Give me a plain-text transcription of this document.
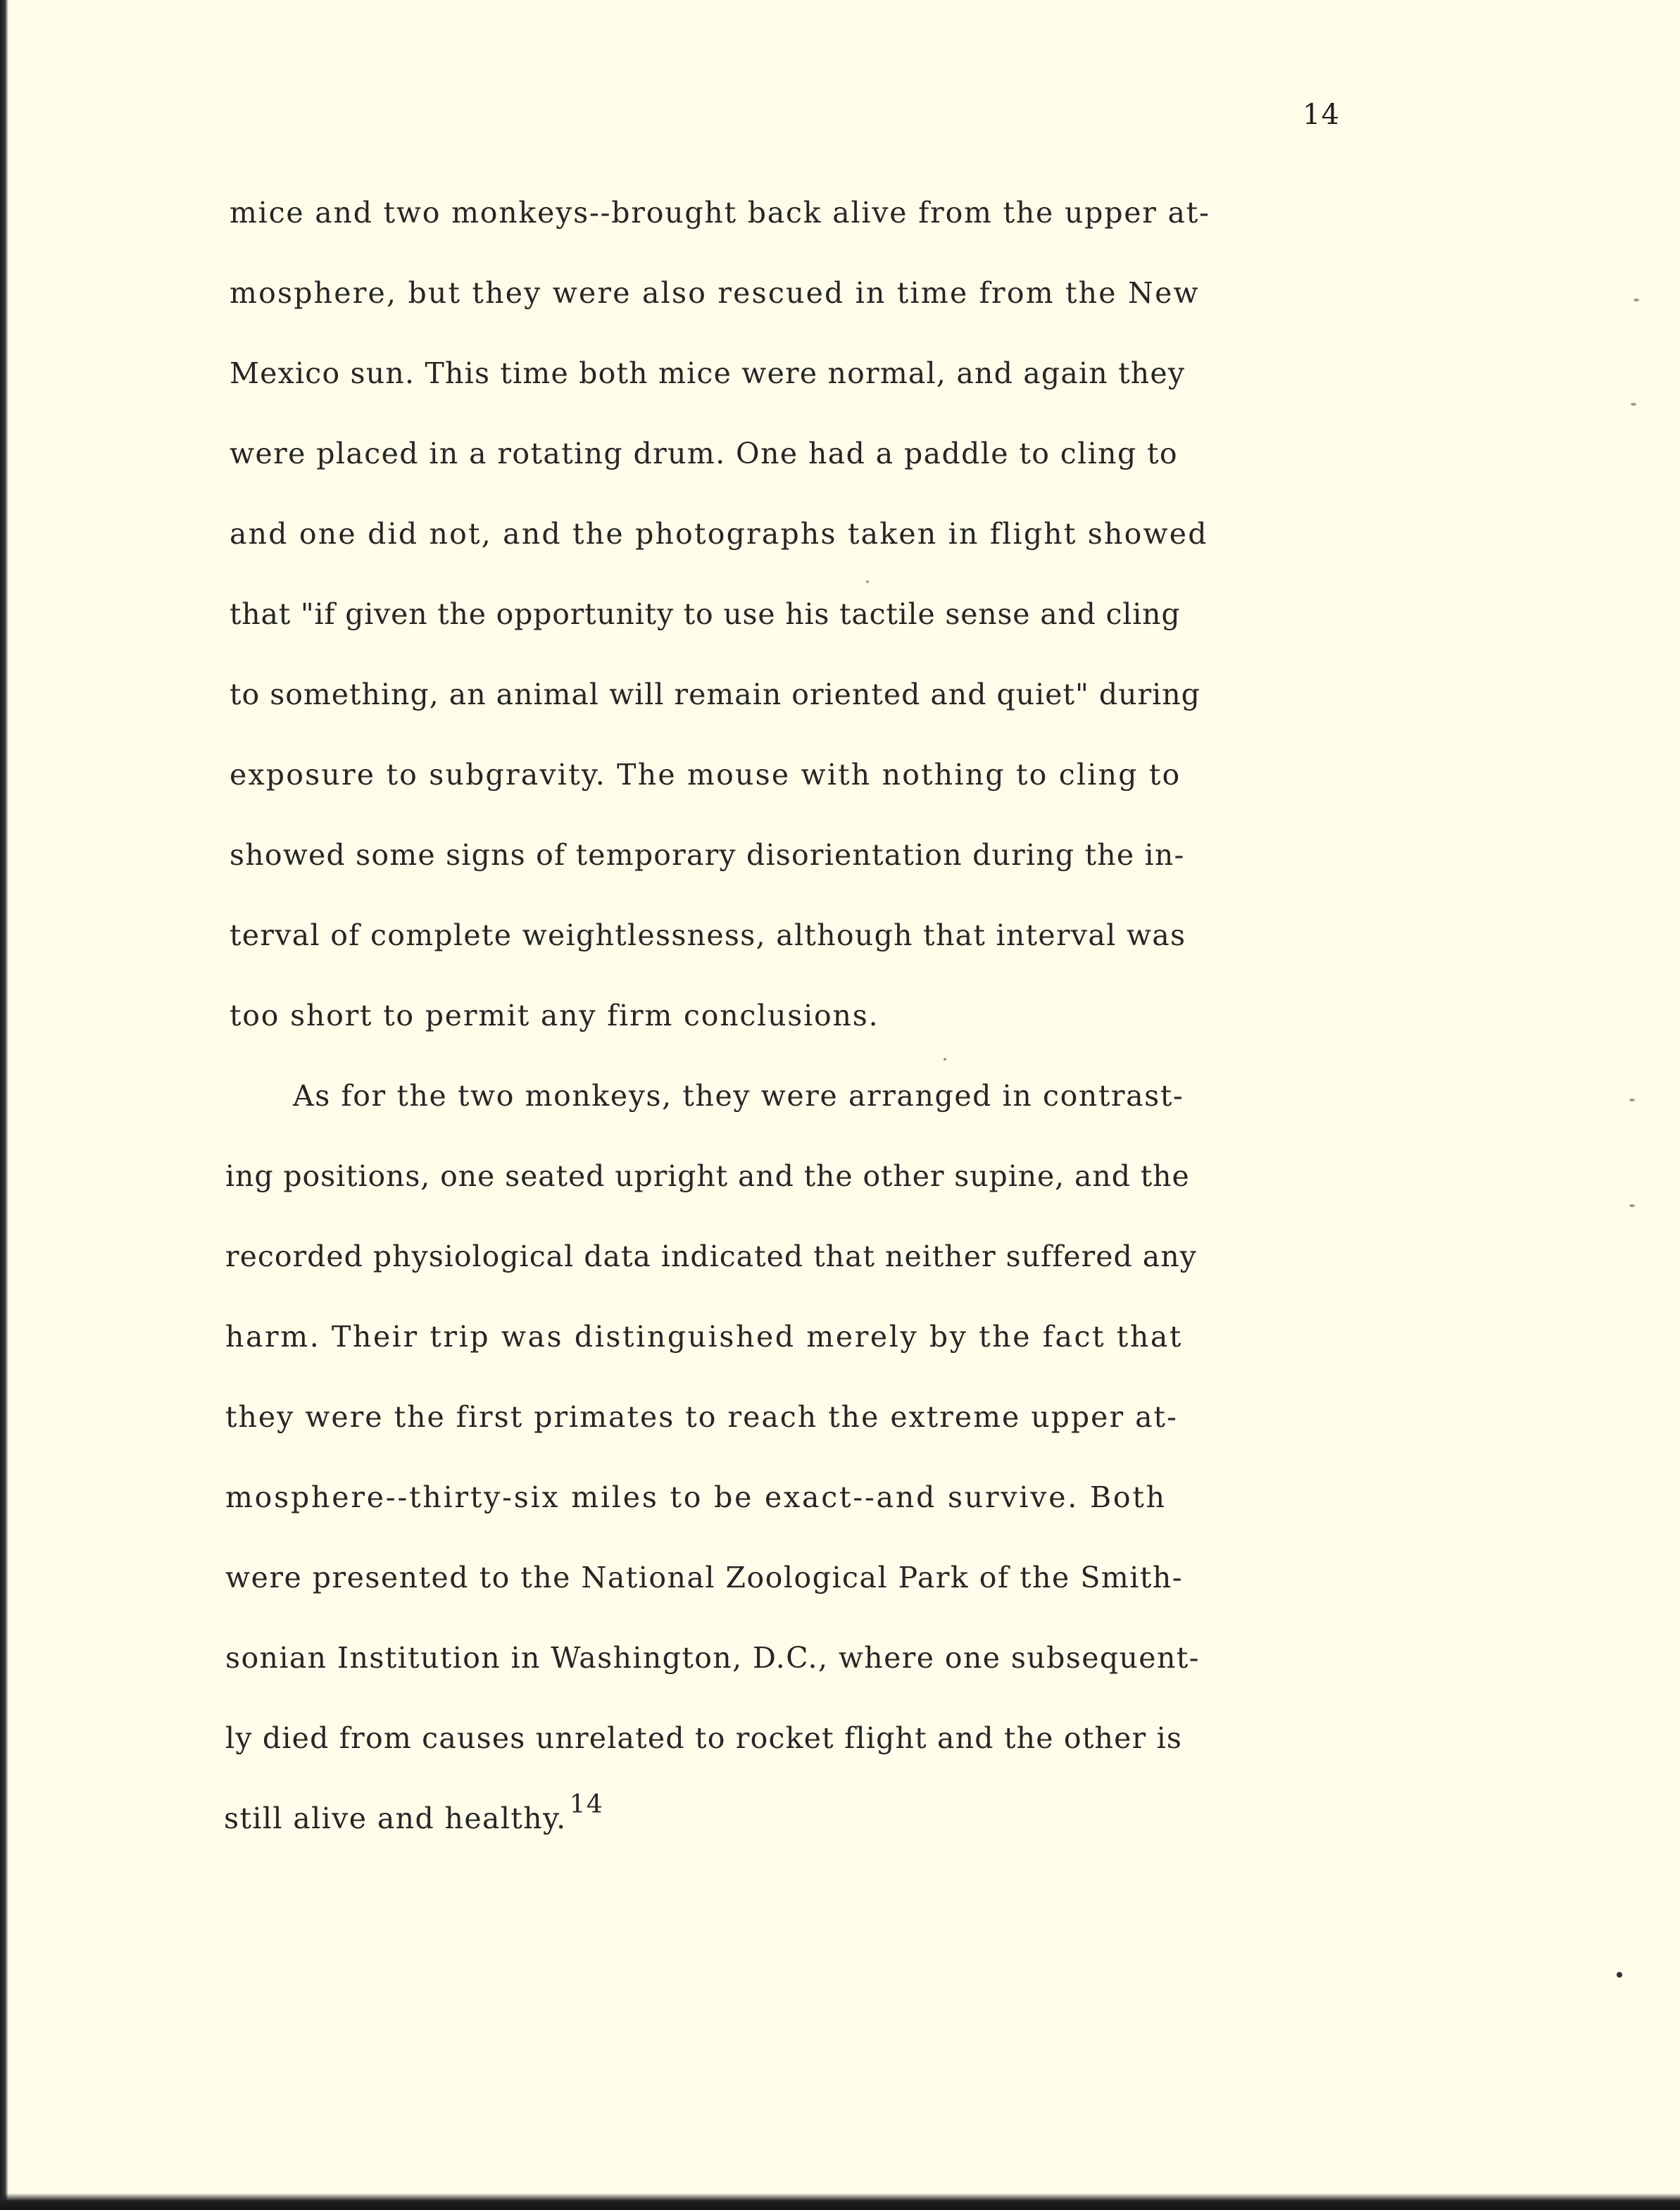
14
mice and two monkeys--brought back alive from the upper at-
mosphere, but they were also rescued in time from the New
Mexico sun. This time both mice were normal, and again they
were placed in a rotating drum. One had a paddle to cling to
and one did not, and the photographs taken in flight showed
that "if given the opportunity to use his tactile sense and cling
to something, an animal will remain oriented and quiet" during
exposure to subgravity. The mouse with nothing to cling to
showed some signs of temporary disorientation during the in-
terval of complete weightlessness, although that interval was
too short to permit any firm conclusions.
As for the two monkeys, they were arranged in contrast-
ing positions, one seated upright and the other supine, and the
recorded physiological data indicated that neither suffered any
harm. Their trip was distinguished merely by the fact that
they were the first primates to reach the extreme upper at-
mosphere--thirty-six miles to be exact--and survive. Both
were presented to the National Zoological Park of the Smith-
sonian Institution in Washington, D.C., where one subsequent-
ly died from causes unrelated to rocket flight and the other is
still alive and healthy. 14
